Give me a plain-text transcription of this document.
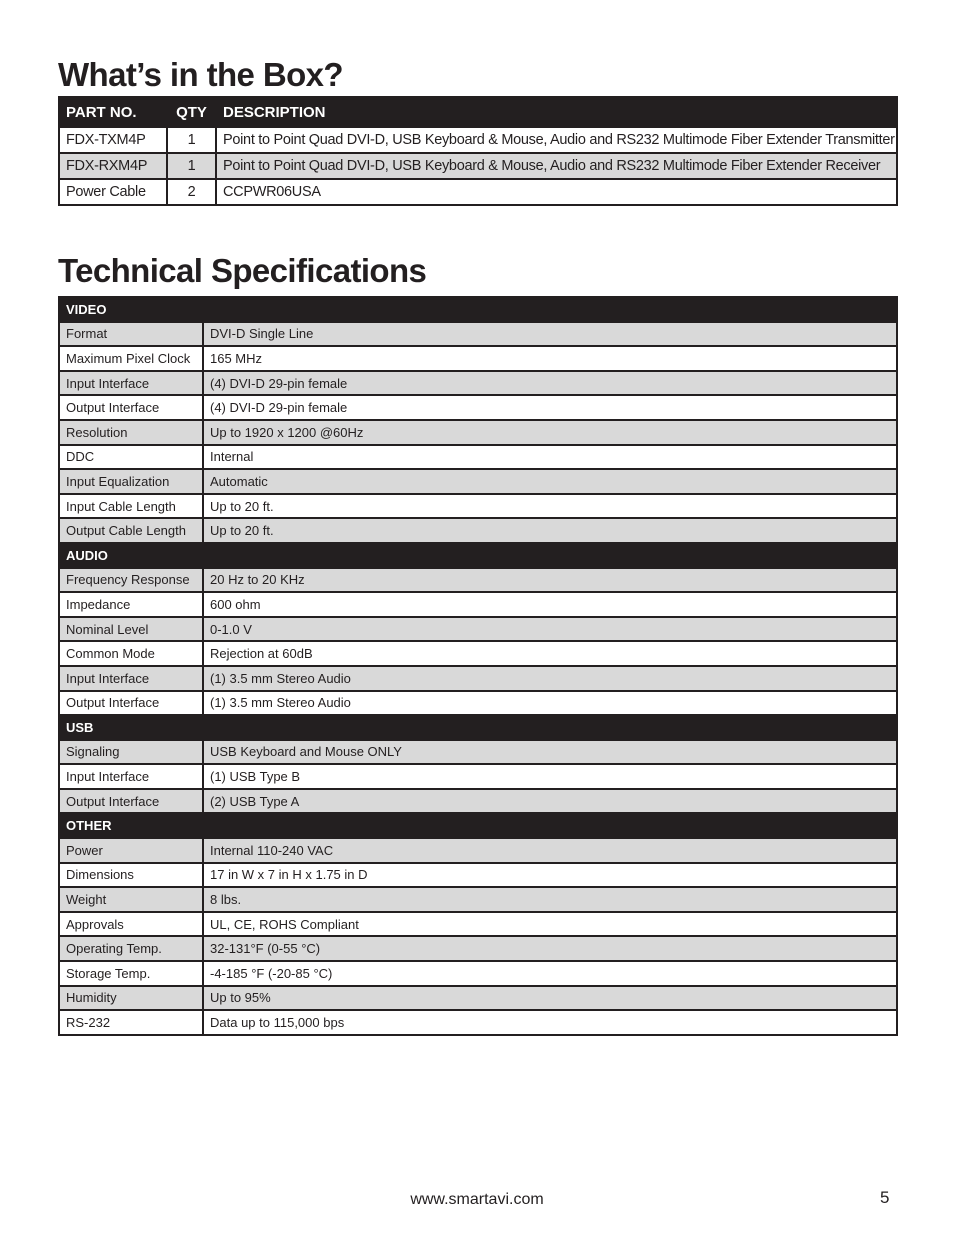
What’s in the Box?
PART NO.	QTY	DESCRIPTION
FDX-TXM4P	1	Point to Point Quad DVI-D, USB Keyboard & Mouse, Audio and RS232 Multimode Fiber Extender Transmitter
FDX-RXM4P	1	Point to Point Quad DVI-D, USB Keyboard & Mouse, Audio and RS232 Multimode Fiber Extender Receiver
Power Cable	2	CCPWR06USA
Technical Specifications
VIDEO	
Format	DVI-D Single Line
Maximum Pixel Clock	165 MHz
Input Interface	(4) DVI-D 29-pin female
Output Interface	(4) DVI-D 29-pin female
Resolution	Up to 1920 x 1200 @60Hz
DDC	Internal
Input Equalization	Automatic
Input Cable Length	Up to 20 ft.
Output Cable Length	Up to 20 ft.
AUDIO	
Frequency Response	20 Hz to 20 KHz
Impedance	600 ohm
Nominal Level	0-1.0 V
Common Mode	Rejection at 60dB
Input Interface	(1) 3.5 mm Stereo Audio
Output Interface	(1) 3.5 mm Stereo Audio
USB	
Signaling	USB Keyboard and Mouse ONLY
Input Interface	(1) USB Type B
Output Interface	(2) USB Type A
OTHER	
Power	Internal 110-240 VAC
Dimensions	17 in W x 7 in H x 1.75 in D
Weight	8 lbs.
Approvals	UL, CE, ROHS Compliant
Operating Temp.	32-131°F (0-55 °C)
Storage Temp.	-4-185 °F (-20-85 °C)
Humidity	Up to 95%
RS-232	Data up to 115,000 bps
www.smartavi.com	5
